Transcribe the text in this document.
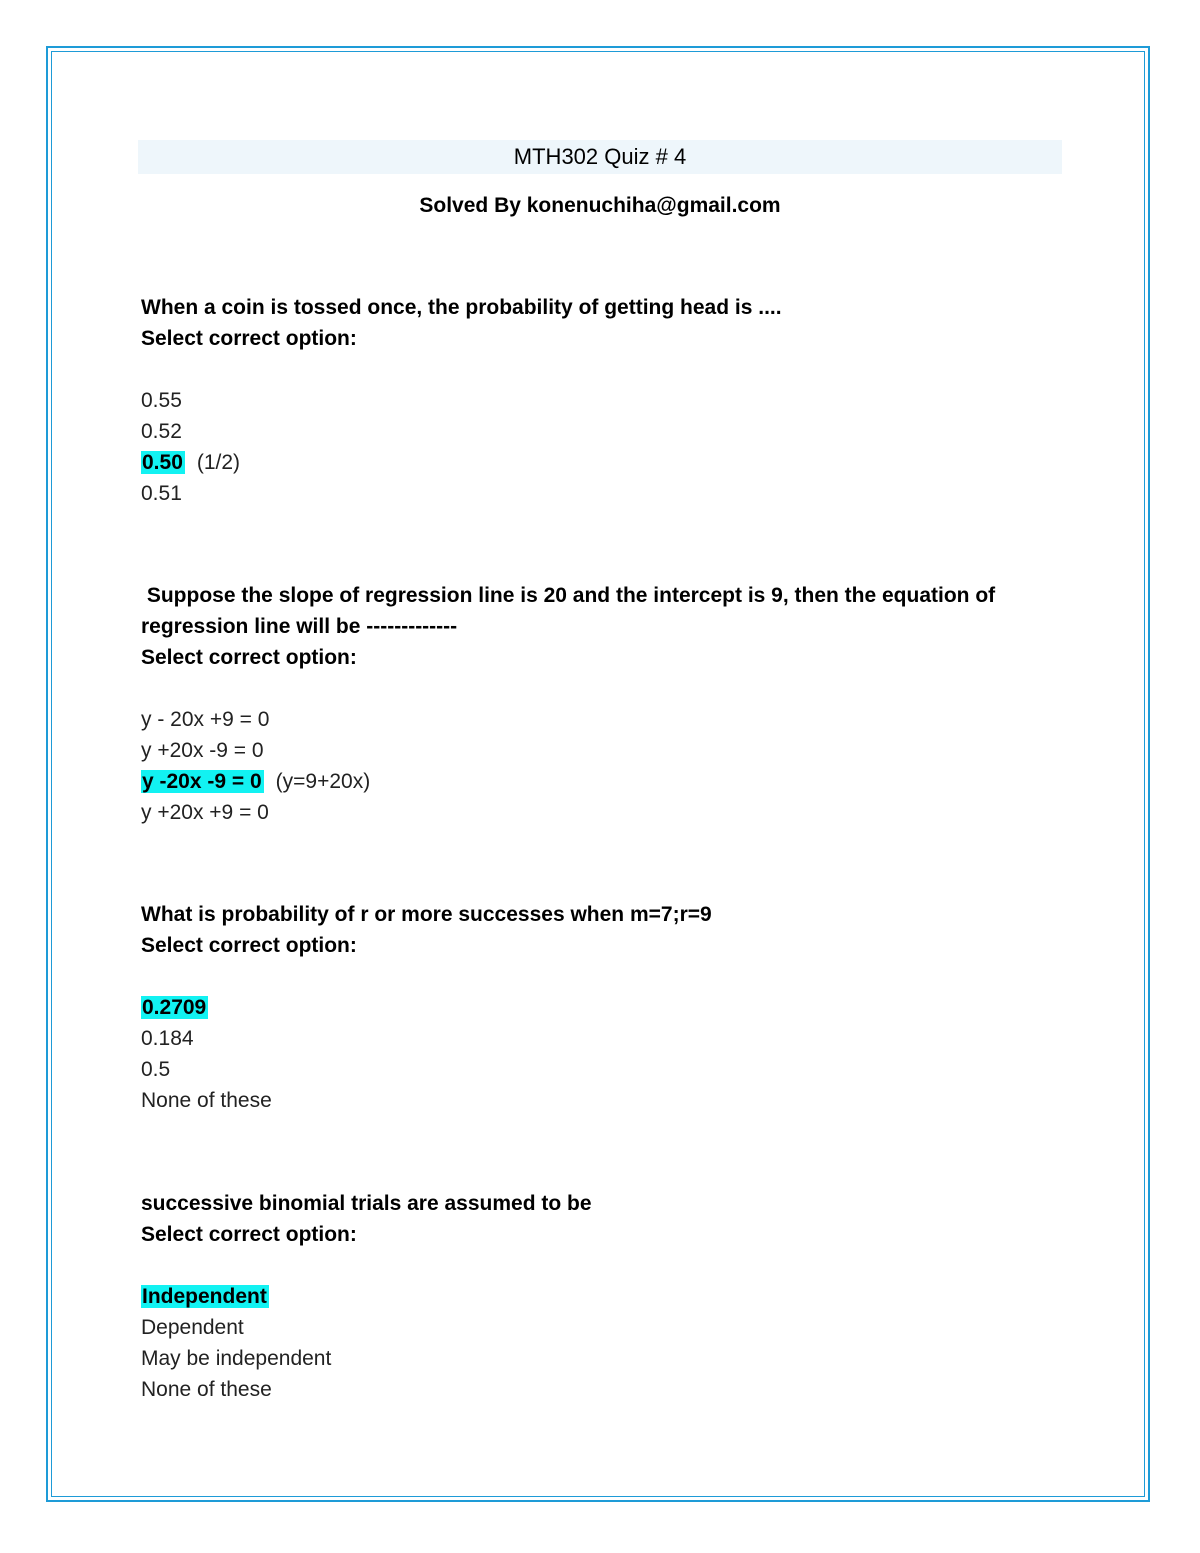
MTH302 Quiz # 4
Solved By konenuchiha@gmail.com

When a coin is tossed once, the probability of getting head is ....

Select correct option:

0.55
0.52
0.50 (1/2)
0.51

Suppose the slope of regression line is 20 and the intercept is 9, then the equation of regression line will be -------------

Select correct option:

y - 20x +9 = 0
y +20x -9 = 0
y -20x -9 = 0 (y=9+20x)
y +20x +9 = 0

What is probability of r or more successes when m=7;r=9

Select correct option:

0.2709
0.184
0.5
None of these

successive binomial trials are assumed to be

Select correct option:

Independent
Dependent
May be independent
None of these
